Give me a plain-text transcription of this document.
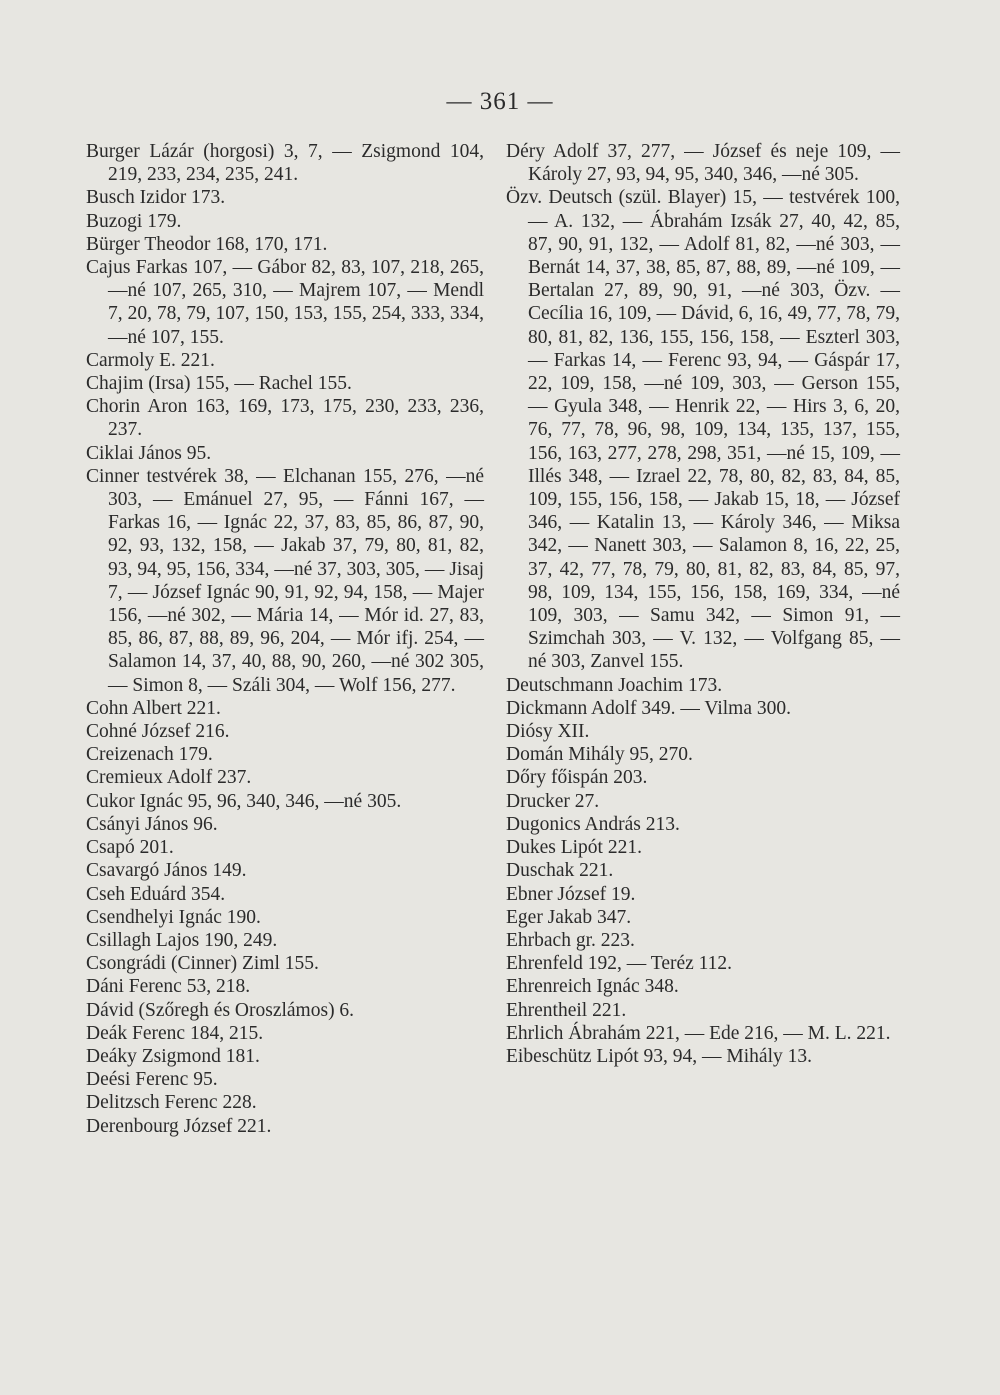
— 361 —

Burger Lázár (horgosi) 3, 7, — Zsigmond 104, 219, 233, 234, 235, 241.

Busch Izidor 173.

Buzogi 179.

Bürger Theodor 168, 170, 171.

Cajus Farkas 107, — Gábor 82, 83, 107, 218, 265, —né 107, 265, 310, — Majrem 107, — Mendl 7, 20, 78, 79, 107, 150, 153, 155, 254, 333, 334, —né 107, 155.

Carmoly E. 221.

Chajim (Irsa) 155, — Rachel 155.

Chorin Aron 163, 169, 173, 175, 230, 233, 236, 237.

Ciklai János 95.

Cinner testvérek 38, — Elchanan 155, 276, —né 303, — Emánuel 27, 95, — Fánni 167, — Farkas 16, — Ignác 22, 37, 83, 85, 86, 87, 90, 92, 93, 132, 158, — Jakab 37, 79, 80, 81, 82, 93, 94, 95, 156, 334, —né 37, 303, 305, — Jisaj 7, — József Ignác 90, 91, 92, 94, 158, — Majer 156, —né 302, — Mária 14, — Mór id. 27, 83, 85, 86, 87, 88, 89, 96, 204, — Mór ifj. 254, — Salamon 14, 37, 40, 88, 90, 260, —né 302 305, — Simon 8, — Száli 304, — Wolf 156, 277.

Cohn Albert 221.

Cohné József 216.

Creizenach 179.

Cremieux Adolf 237.

Cukor Ignác 95, 96, 340, 346, —né 305.

Csányi János 96.

Csapó 201.

Csavargó János 149.

Cseh Eduárd 354.

Csendhelyi Ignác 190.

Csillagh Lajos 190, 249.

Csongrádi (Cinner) Ziml 155.

Dáni Ferenc 53, 218.

Dávid (Szőregh és Oroszlámos) 6.

Deák Ferenc 184, 215.

Deáky Zsigmond 181.

Deési Ferenc 95.

Delitzsch Ferenc 228.

Derenbourg József 221.

Déry Adolf 37, 277, — József és neje 109, — Károly 27, 93, 94, 95, 340, 346, —né 305.

Özv. Deutsch (szül. Blayer) 15, — testvérek 100, — A. 132, — Ábrahám Izsák 27, 40, 42, 85, 87, 90, 91, 132, — Adolf 81, 82, —né 303, — Bernát 14, 37, 38, 85, 87, 88, 89, —né 109, — Bertalan 27, 89, 90, 91, —né 303, Özv. — Cecília 16, 109, — Dávid, 6, 16, 49, 77, 78, 79, 80, 81, 82, 136, 155, 156, 158, — Eszterl 303, — Farkas 14, — Ferenc 93, 94, — Gáspár 17, 22, 109, 158, —né 109, 303, — Gerson 155, — Gyula 348, — Henrik 22, — Hirs 3, 6, 20, 76, 77, 78, 96, 98, 109, 134, 135, 137, 155, 156, 163, 277, 278, 298, 351, —né 15, 109, — Illés 348, — Izrael 22, 78, 80, 82, 83, 84, 85, 109, 155, 156, 158, — Jakab 15, 18, — József 346, — Katalin 13, — Károly 346, — Miksa 342, — Nanett 303, — Salamon 8, 16, 22, 25, 37, 42, 77, 78, 79, 80, 81, 82, 83, 84, 85, 97, 98, 109, 134, 155, 156, 158, 169, 334, —né 109, 303, — Samu 342, — Simon 91, — Szimchah 303, — V. 132, — Volfgang 85, —né 303, Zanvel 155.

Deutschmann Joachim 173.

Dickmann Adolf 349. — Vilma 300.

Diósy XII.

Domán Mihály 95, 270.

Dőry főispán 203.

Drucker 27.

Dugonics András 213.

Dukes Lipót 221.

Duschak 221.

Ebner József 19.

Eger Jakab 347.

Ehrbach gr. 223.

Ehrenfeld 192, — Teréz 112.

Ehrenreich Ignác 348.

Ehrentheil 221.

Ehrlich Ábrahám 221, — Ede 216, — M. L. 221.

Eibeschütz Lipót 93, 94, — Mihály 13.
